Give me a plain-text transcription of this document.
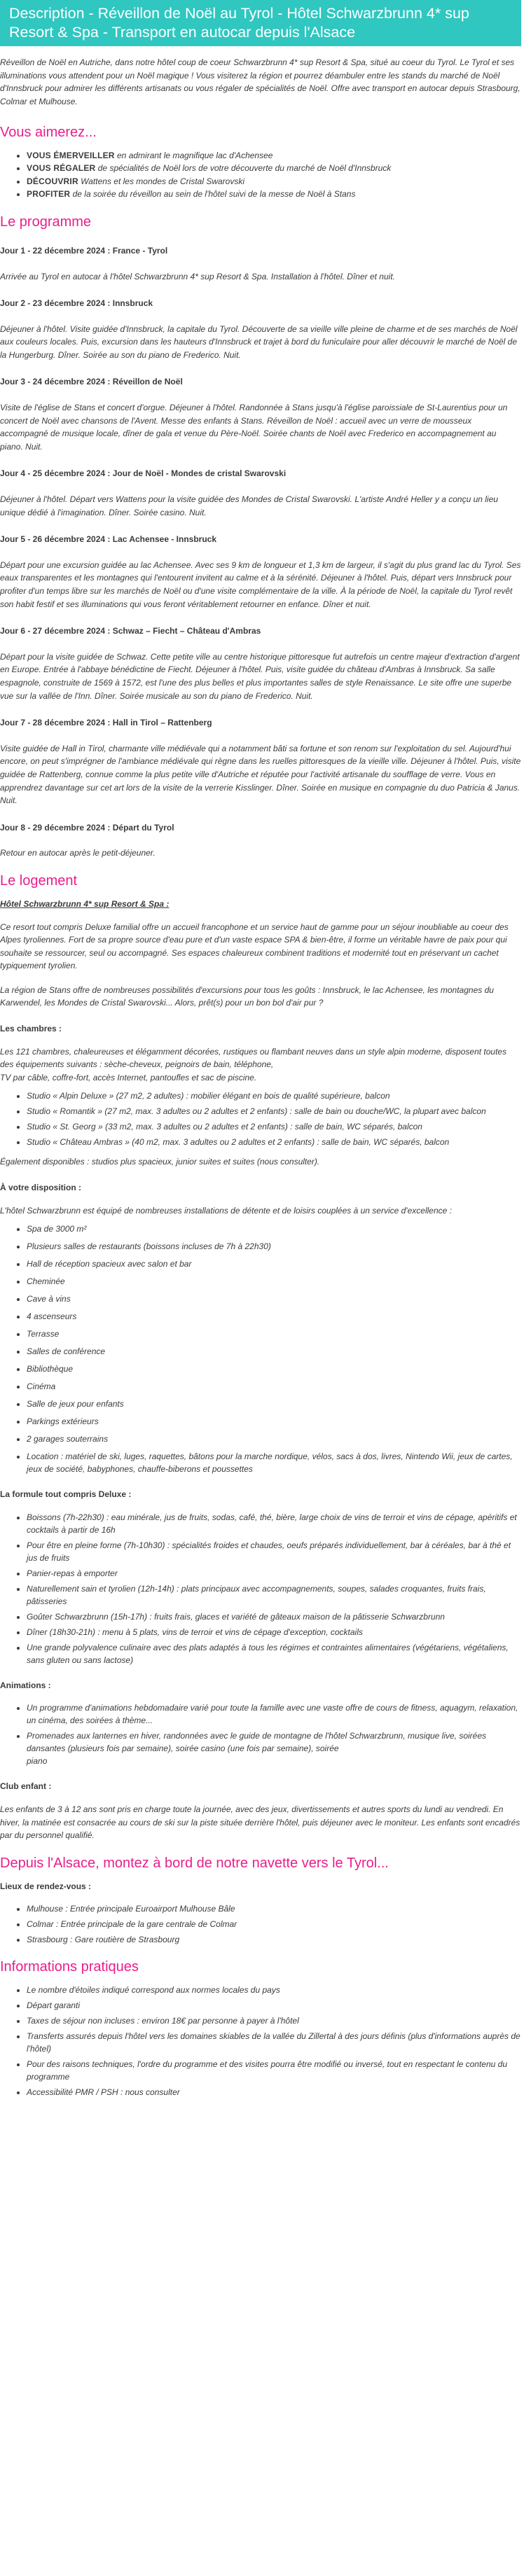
Description - Réveillon de Noël au Tyrol - Hôtel Schwarzbrunn 4* sup Resort & Spa - Transport en autocar depuis l'Alsace

Réveillon de Noël en Autriche, dans notre hôtel coup de coeur Schwarzbrunn 4* sup Resort & Spa, situé au coeur du Tyrol. Le Tyrol et ses illuminations vous attendent pour un Noël magique ! Vous visiterez la région et pourrez déambuler entre les stands du marché de Noël d'Innsbruck pour admirer les différents artisanats ou vous régaler de spécialités de Noël. Offre avec transport en autocar depuis Strasbourg, Colmar et Mulhouse.

Vous aimerez...
• VOUS ÉMERVEILLER en admirant le magnifique lac d'Achensee
• VOUS RÉGALER de spécialités de Noël lors de votre découverte du marché de Noël d'Innsbruck
• DÉCOUVRIR Wattens et les mondes de Cristal Swarovski
• PROFITER de la soirée du réveillon au sein de l'hôtel suivi de la messe de Noël à Stans
Le programme
Jour 1 - 22 décembre 2024 : France - Tyrol

Arrivée au Tyrol en autocar à l'hôtel Schwarzbrunn 4* sup Resort & Spa. Installation à l'hôtel. Dîner et nuit.

Jour 2 - 23 décembre 2024 : Innsbruck

Déjeuner à l'hôtel. Visite guidée d'Innsbruck, la capitale du Tyrol. Découverte de sa vieille ville pleine de charme et de ses marchés de Noël aux couleurs locales. Puis, excursion dans les hauteurs d'Innsbruck et trajet à bord du funiculaire pour aller découvrir le marché de Noël de la Hungerburg. Dîner. Soirée au son du piano de Frederico. Nuit.

Jour 3 - 24 décembre 2024 : Réveillon de Noël

Visite de l'église de Stans et concert d'orgue. Déjeuner à l'hôtel. Randonnée à Stans jusqu'à l'église paroissiale de St-Laurentius pour un concert de Noël avec chansons de l'Avent. Messe des enfants à Stans. Réveillon de Noël : accueil avec un verre de mousseux accompagné de musique locale, dîner de gala et venue du Père-Noël. Soirée chants de Noël avec Frederico en accompagnement au piano. Nuit.

Jour 4 - 25 décembre 2024 : Jour de Noël - Mondes de cristal Swarovski

Déjeuner à l'hôtel. Départ vers Wattens pour la visite guidée des Mondes de Cristal Swarovski. L'artiste André Heller y a conçu un lieu unique dédié à l'imagination. Dîner. Soirée casino. Nuit.

Jour 5 - 26 décembre 2024 : Lac Achensee - Innsbruck

Départ pour une excursion guidée au lac Achensee. Avec ses 9 km de longueur et 1,3 km de largeur, il s'agit du plus grand lac du Tyrol. Ses eaux transparentes et les montagnes qui l'entourent invitent au calme et à la sérénité. Déjeuner à l'hôtel. Puis, départ vers Innsbruck pour profiter d'un temps libre sur les marchés de Noël ou d'une visite complémentaire de la ville. À la période de Noël, la capitale du Tyrol revêt son habit festif et ses illuminations qui vous feront véritablement retourner en enfance. Dîner et nuit.

Jour 6 - 27 décembre 2024 : Schwaz – Fiecht – Château d'Ambras

Départ pour la visite guidée de Schwaz. Cette petite ville au centre historique pittoresque fut autrefois un centre majeur d'extraction d'argent en Europe. Entrée à l'abbaye bénédictine de Fiecht. Déjeuner à l'hôtel. Puis, visite guidée du château d'Ambras à Innsbruck. Sa salle espagnole, construite de 1569 à 1572, est l'une des plus belles et plus importantes salles de style Renaissance. Le site offre une superbe vue sur la vallée de l'Inn. Dîner. Soirée musicale au son du piano de Frederico. Nuit.

Jour 7 - 28 décembre 2024 : Hall in Tirol – Rattenberg

Visite guidée de Hall in Tirol, charmante ville médiévale qui a notamment bâti sa fortune et son renom sur l'exploitation du sel. Aujourd'hui encore, on peut s'imprégner de l'ambiance médiévale qui règne dans les ruelles pittoresques de la vieille ville. Déjeuner à l'hôtel. Puis, visite guidée de Rattenberg, connue comme la plus petite ville d'Autriche et réputée pour l'activité artisanale du soufflage de verre. Vous en apprendrez davantage sur cet art lors de la visite de la verrerie Kisslinger. Dîner. Soirée en musique en compagnie du duo Patricia & Janus. Nuit.

Jour 8 - 29 décembre 2024 : Départ du Tyrol

Retour en autocar après le petit-déjeuner.

Le logement
Hôtel Schwarzbrunn 4* sup Resort & Spa :

Ce resort tout compris Deluxe familial offre un accueil francophone et un service haut de gamme pour un séjour inoubliable au coeur des Alpes tyroliennes. Fort de sa propre source d'eau pure et d'un vaste espace SPA & bien-être, il forme un véritable havre de paix pour qui souhaite se ressourcer, seul ou accompagné. Ses espaces chaleureux combinent traditions et modernité tout en préservant un cachet typiquement tyrolien.

La région de Stans offre de nombreuses possibilités d'excursions pour tous les goûts : Innsbruck, le lac Achensee, les montagnes du Karwendel, les Mondes de Cristal Swarovski... Alors, prêt(s) pour un bon bol d'air pur ?

Les chambres :

Les 121 chambres, chaleureuses et élégamment décorées, rustiques ou flambant neuves dans un style alpin moderne, disposent toutes des équipements suivants : sèche-cheveux, peignoirs de bain, téléphone,
TV par câble, coffre-fort, accès Internet, pantoufles et sac de piscine.

• Studio « Alpin Deluxe » (27 m2, 2 adultes) : mobilier élégant en bois de qualité supérieure, balcon
• Studio « Romantik » (27 m2, max. 3 adultes ou 2 adultes et 2 enfants) : salle de bain ou douche/WC, la plupart avec balcon
• Studio « St. Georg » (33 m2, max. 3 adultes ou 2 adultes et 2 enfants) : salle de bain, WC séparés, balcon
• Studio « Château Ambras » (40 m2, max. 3 adultes ou 2 adultes et 2 enfants) : salle de bain, WC séparés, balcon

Également disponibles : studios plus spacieux, junior suites et suites (nous consulter).

À votre disposition :

L'hôtel Schwarzbrunn est équipé de nombreuses installations de détente et de loisirs couplées à un service d'excellence :

• Spa de 3000 m²
• Plusieurs salles de restaurants (boissons incluses de 7h à 22h30)
• Hall de réception spacieux avec salon et bar
• Cheminée
• Cave à vins
• 4 ascenseurs
• Terrasse
• Salles de conférence
• Bibliothèque
• Cinéma
• Salle de jeux pour enfants
• Parkings extérieurs
• 2 garages souterrains
• Location : matériel de ski, luges, raquettes, bâtons pour la marche nordique, vélos, sacs à dos, livres, Nintendo Wii, jeux de cartes, jeux de société, babyphones, chauffe-biberons et poussettes
La formule tout compris Deluxe :
• Boissons (7h-22h30) : eau minérale, jus de fruits, sodas, café, thé, bière, large choix de vins de terroir et vins de cépage, apéritifs et cocktails à partir de 16h
• Pour être en pleine forme (7h-10h30) : spécialités froides et chaudes, oeufs préparés individuellement, bar à céréales, bar à thé et jus de fruits
• Panier-repas à emporter
• Naturellement sain et tyrolien (12h-14h) : plats principaux avec accompagnements, soupes, salades croquantes, fruits frais, pâtisseries
• Goûter Schwarzbrunn (15h-17h) : fruits frais, glaces et variété de gâteaux maison de la pâtisserie Schwarzbrunn
• Dîner (18h30-21h) : menu à 5 plats, vins de terroir et vins de cépage d'exception, cocktails
• Une grande polyvalence culinaire avec des plats adaptés à tous les régimes et contraintes alimentaires (végétariens, végétaliens, sans gluten ou sans lactose)
Animations :
• Un programme d'animations hebdomadaire varié pour toute la famille avec une vaste offre de cours de fitness, aquagym, relaxation, un cinéma, des soirées à thème...
• Promenades aux lanternes en hiver, randonnées avec le guide de montagne de l'hôtel Schwarzbrunn, musique live, soirées dansantes (plusieurs fois par semaine), soirée casino (une fois par semaine), soirée
piano
Club enfant :

Les enfants de 3 à 12 ans sont pris en charge toute la journée, avec des jeux, divertissements et autres sports du lundi au vendredi. En hiver, la matinée est consacrée au cours de ski sur la piste située derrière l'hôtel, puis déjeuner avec le moniteur. Les enfants sont encadrés par du personnel qualifié.

Depuis l'Alsace, montez à bord de notre navette vers le Tyrol...
Lieux de rendez-vous :
• Mulhouse : Entrée principale Euroairport Mulhouse Bâle
• Colmar : Entrée principale de la gare centrale de Colmar
• Strasbourg : Gare routière de Strasbourg
Informations pratiques
• Le nombre d'étoiles indiqué correspond aux normes locales du pays
• Départ garanti
• Taxes de séjour non incluses : environ 18€ par personne à payer à l'hôtel
• Transferts assurés depuis l'hôtel vers les domaines skiables de la vallée du Zillertal à des jours définis (plus d'informations auprès de l'hôtel)
• Pour des raisons techniques, l'ordre du programme et des visites pourra être modifié ou inversé, tout en respectant le contenu du programme
• Accessibilité PMR / PSH : nous consulter
